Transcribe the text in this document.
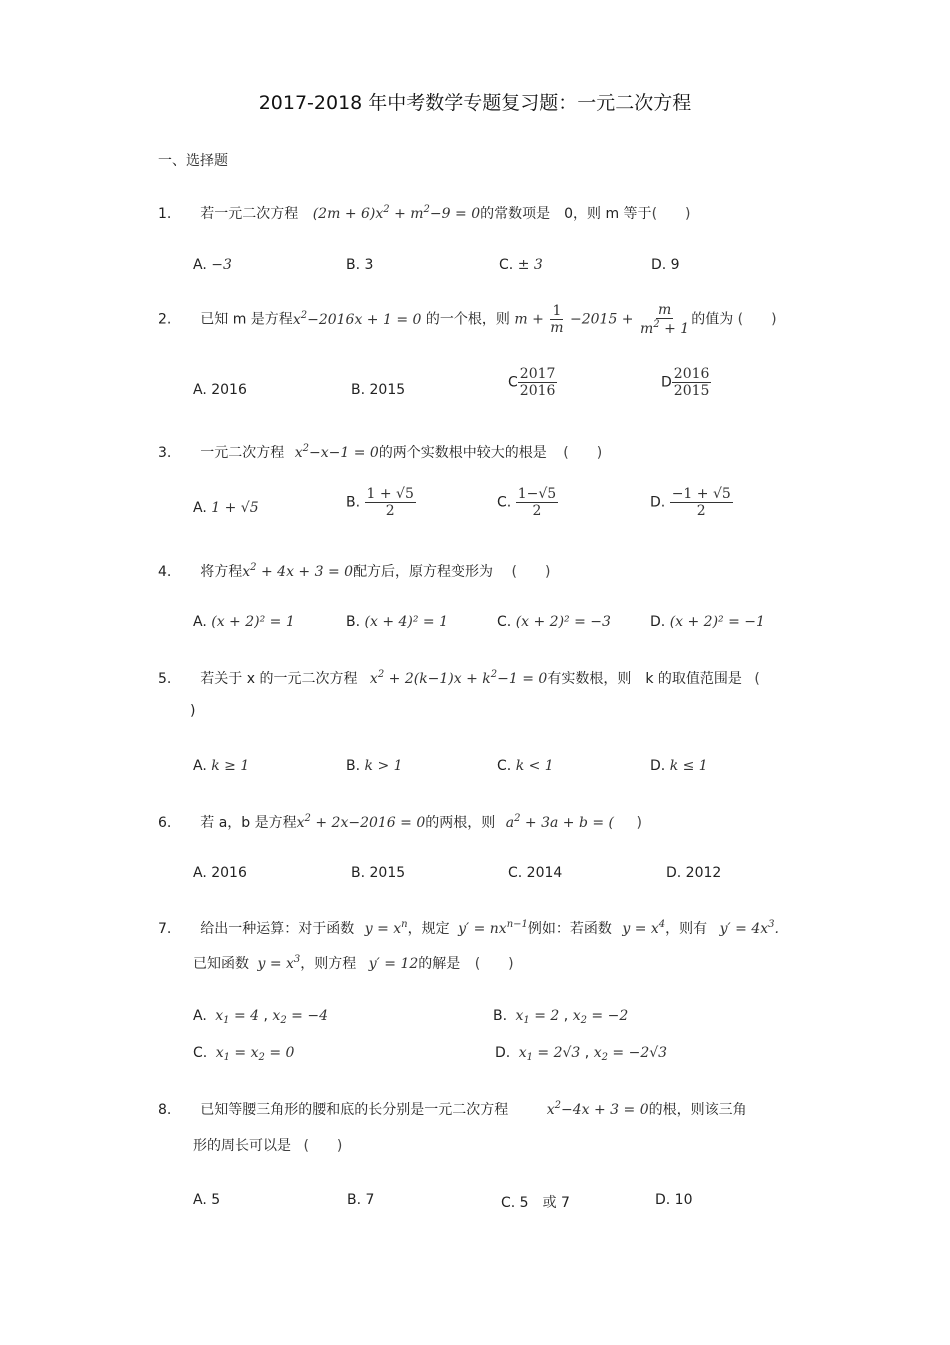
2017-2018 年中考数学专题复习题：一元二次方程
一、选择题
1. 若一元二次方程 $(2m + 6)x^2 + m^2-9 = 0$的常数项是　0，则 m 等于(　　)
A. −3	B. 3	C. ± 3	D. 9
2. 已知 m 是方程$x^2-2016x + 1 = 0$ 的一个根，则 $m + \frac{1}{m} -2015 + \frac{m}{m^2 + 1}$ 的值为 (　　)
A. 2016	B. 2015	C $\frac{2017}{2016}$	D $\frac{2016}{2015}$
3. 一元二次方程 $x^2-x-1 = 0$的两个实数根中较大的根是 (　　)
A. 1 + √5	B. $\frac{1 + √5}{2}$	C. $\frac{1-√5}{2}$	D. $\frac{-1 + √5}{2}$
4. 将方程$x^2 + 4x + 3 = 0$配方后，原方程变形为 (　　)
A. (x + 2)² = 1	B. (x + 4)² = 1	C. (x + 2)² = −3	D. (x + 2)² = −1
5. 若关于 x 的一元二次方程 $x^2 + 2(k-1)x + k^2-1 = 0$有实数根，则　k 的取值范围是 (
)
A. k ≥ 1	B. k > 1	C. k < 1	D. k ≤ 1
6. 若 a，b 是方程$x^2 + 2x-2016 = 0$的两根，则 $a^2 + 3a + b$ = ( )
A. 2016	B. 2015	C. 2014	D. 2012
7. 给出一种运算：对于函数 $y = x^n$，规定 $y' = nx^{n-1}$例如：若函数 $y = x^4$，则有 $y' = 4x^3$.
已知函数 $y = x^3$，则方程 y′ = 12的解是 (　　)
A. $x_1 = 4$ , $x_2 = -4$	B. $x_1 = 2$ , $x_2 = -2$
C. $x_1 = x_2 = 0$	D. $x_1 = 2√3$ , $x_2 = -2√3$
8. 已知等腰三角形的腰和底的长分别是一元二次方程	$x^2-4x + 3 = 0$的根，则该三角
形的周长可以是 (　　)
A. 5	B. 7	C. 5　或 7	D. 10
